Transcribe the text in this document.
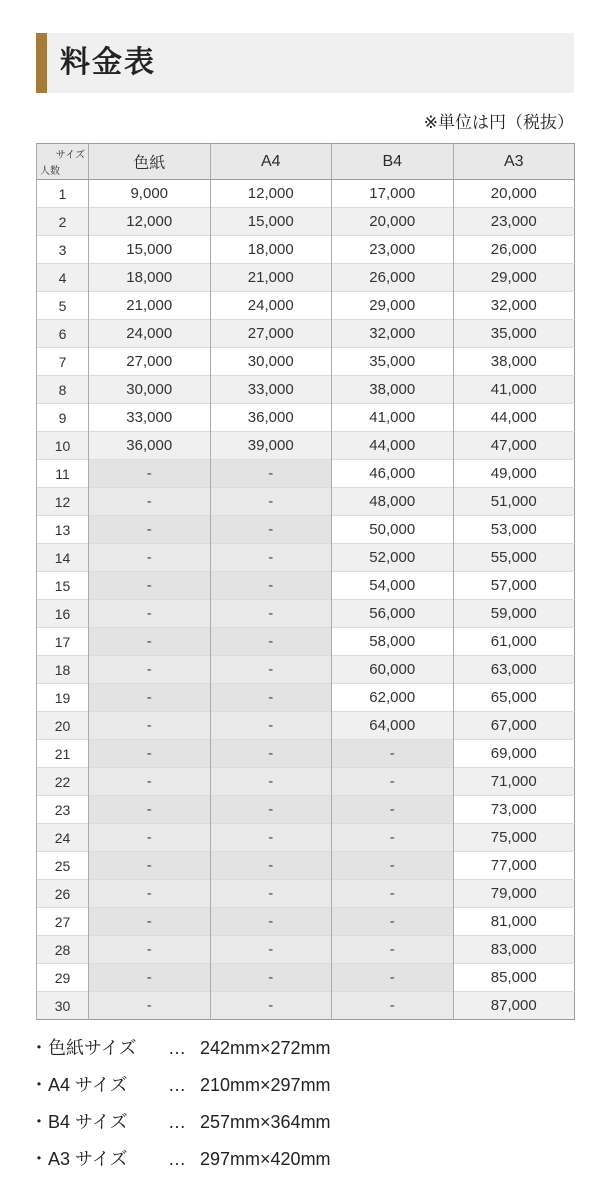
料金表
※単位は円（税抜）
サイズ
人数	色紙	A4	B4	A3
1	9,000	12,000	17,000	20,000
2	12,000	15,000	20,000	23,000
3	15,000	18,000	23,000	26,000
4	18,000	21,000	26,000	29,000
5	21,000	24,000	29,000	32,000
6	24,000	27,000	32,000	35,000
7	27,000	30,000	35,000	38,000
8	30,000	33,000	38,000	41,000
9	33,000	36,000	41,000	44,000
10	36,000	39,000	44,000	47,000
11	-	-	46,000	49,000
12	-	-	48,000	51,000
13	-	-	50,000	53,000
14	-	-	52,000	55,000
15	-	-	54,000	57,000
16	-	-	56,000	59,000
17	-	-	58,000	61,000
18	-	-	60,000	63,000
19	-	-	62,000	65,000
20	-	-	64,000	67,000
21	-	-	-	69,000
22	-	-	-	71,000
23	-	-	-	73,000
24	-	-	-	75,000
25	-	-	-	77,000
26	-	-	-	79,000
27	-	-	-	81,000
28	-	-	-	83,000
29	-	-	-	85,000
30	-	-	-	87,000
・ 色紙サイズ	… 242mm×272mm
・ A4 サイズ	… 210mm×297mm
・ B4 サイズ	… 257mm×364mm
・ A3 サイズ	… 297mm×420mm
